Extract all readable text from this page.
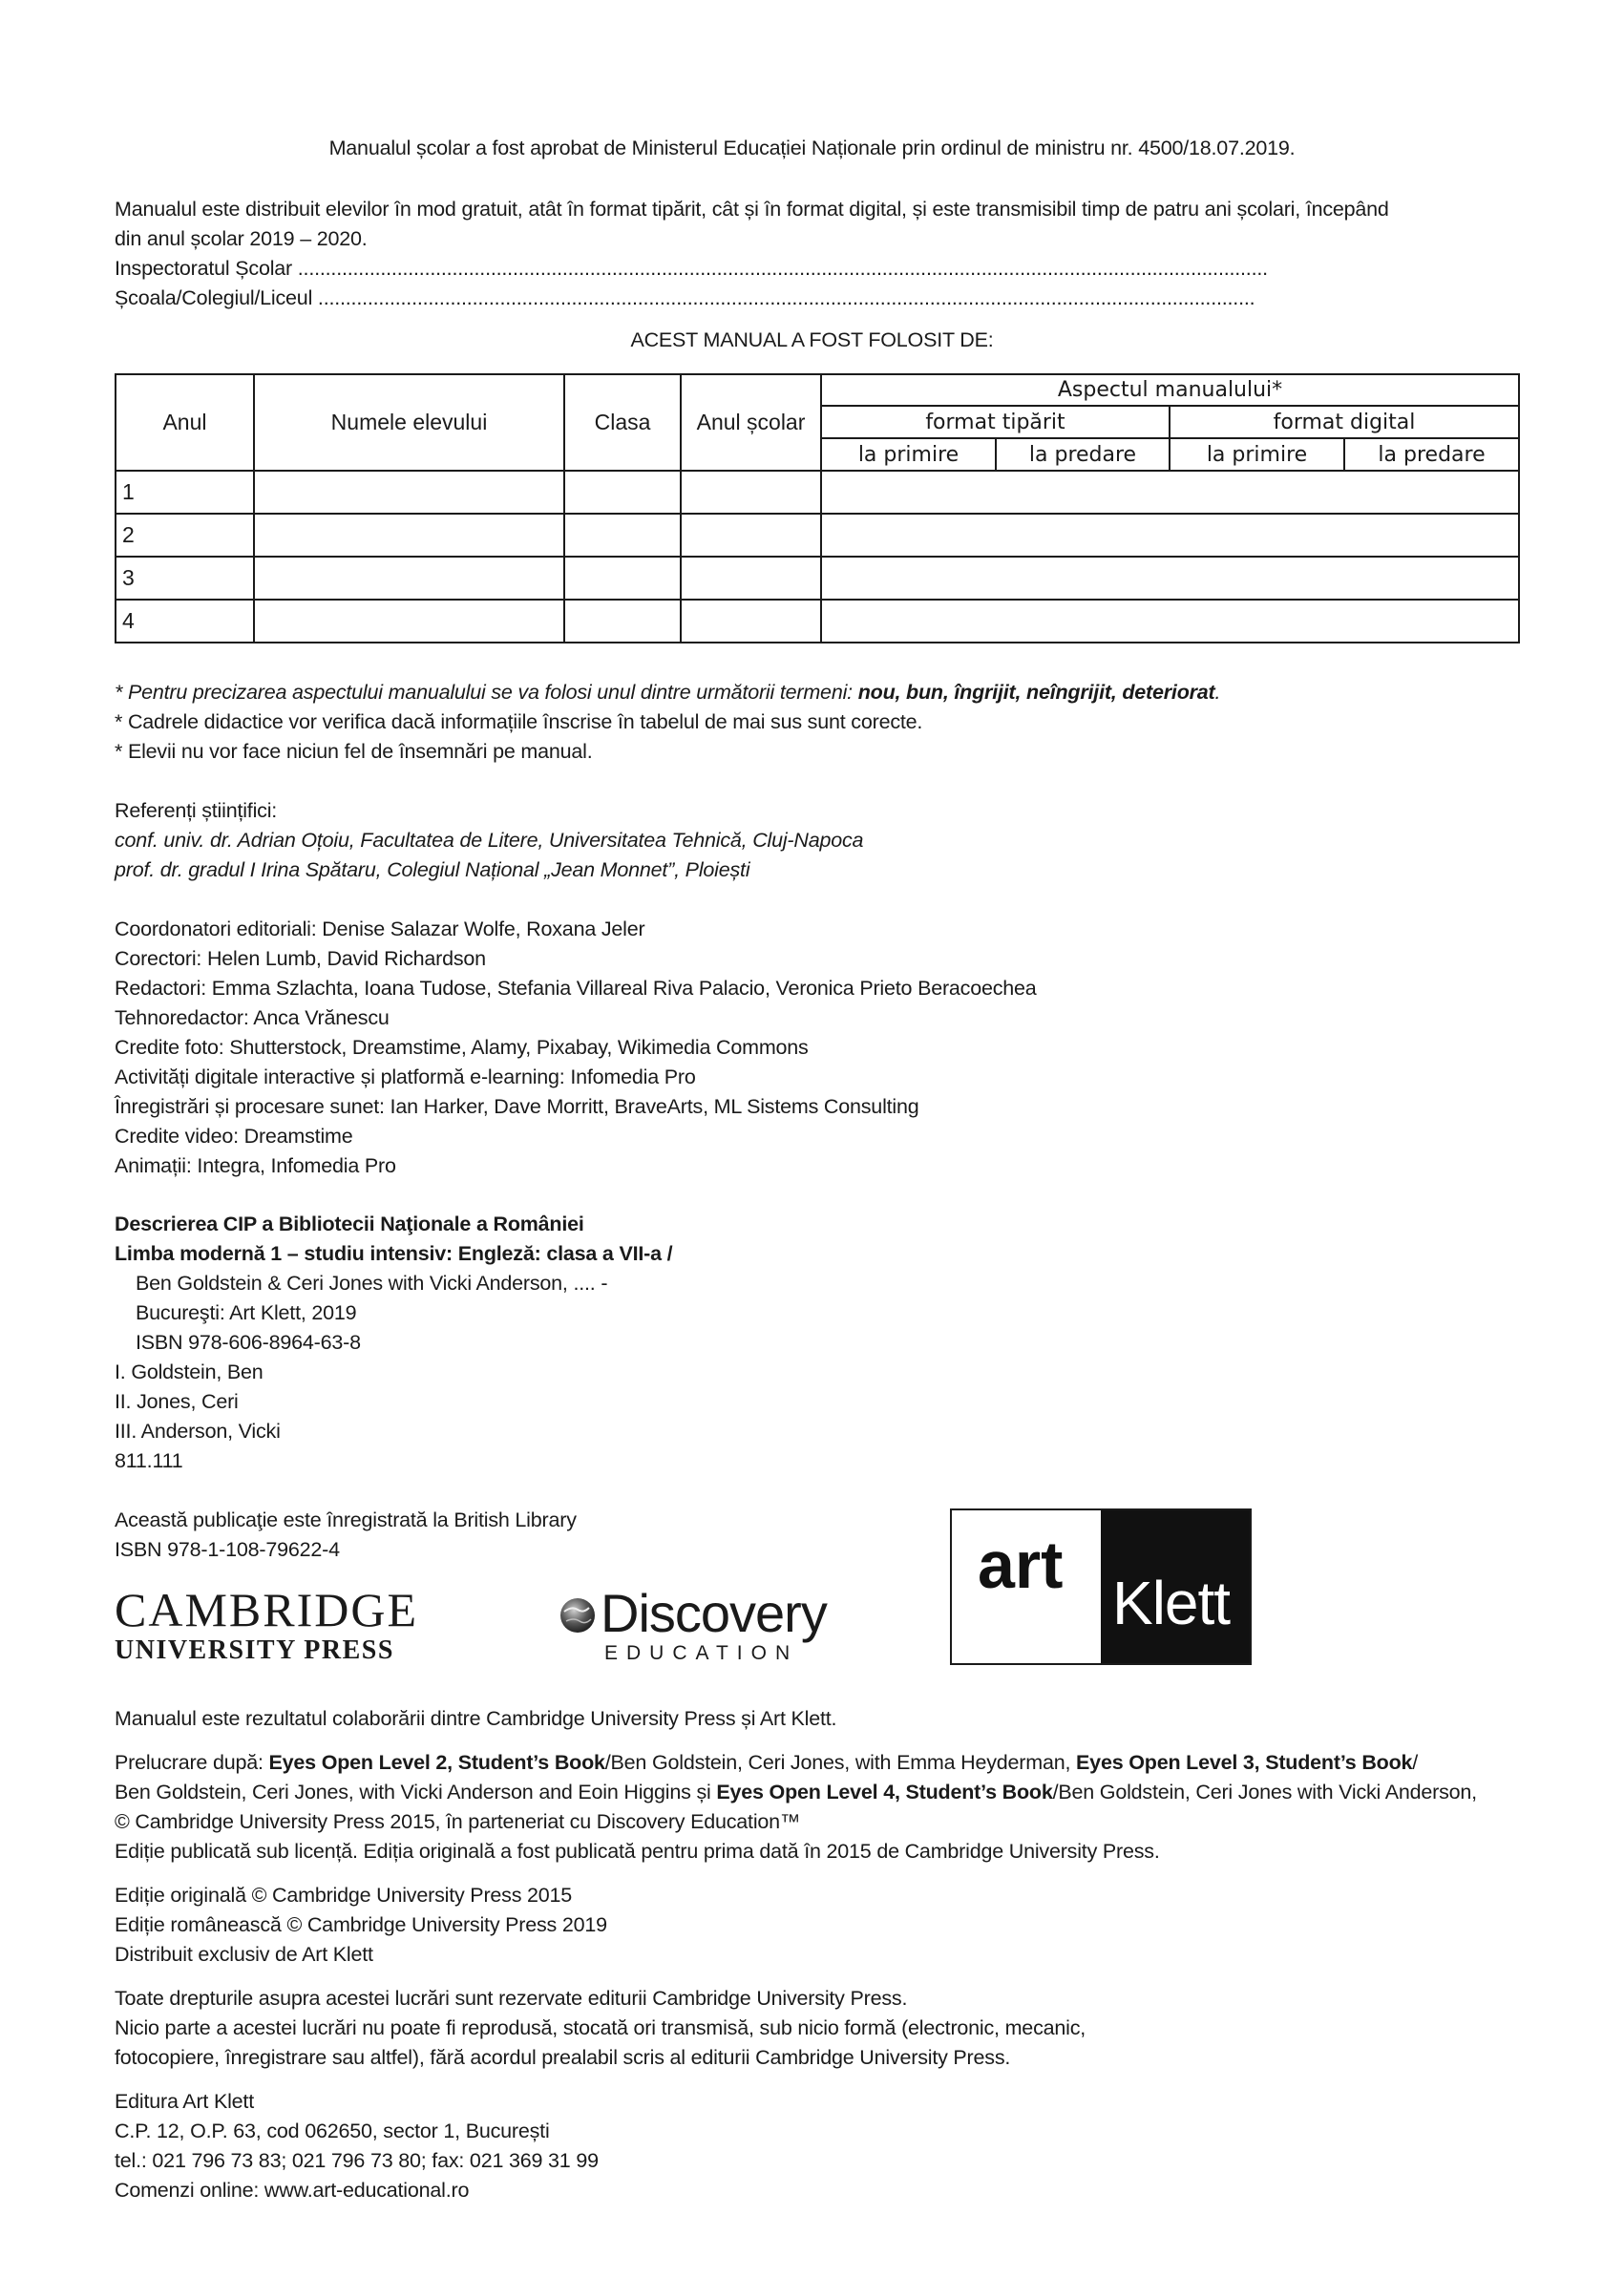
Manualul școlar a fost aprobat de Ministerul Educației Naționale prin ordinul de ministru nr. 4500/18.07.2019.
Manualul este distribuit elevilor în mod gratuit, atât în format tipărit, cât și în format digital, și este transmisibil timp de patru ani școlari, începând
din anul școlar 2019 – 2020.
Inspectoratul Școlar ................................................................................................................................................................................
Școala/Colegiul/Liceul ..........................................................................................................................................................................
ACEST MANUAL A FOST FOLOSIT DE:
Anul	Numele elevului	Clasa	Anul școlar	Aspectul manualului*			
				format tipărit		format digital	
				la primire	la predare	la primire	la predare
1							
2							
3							
4							
* Pentru precizarea aspectului manualului se va folosi unul dintre următorii termeni: nou, bun, îngrijit, neîngrijit, deteriorat.
* Cadrele didactice vor verifica dacă informațiile înscrise în tabelul de mai sus sunt corecte.
* Elevii nu vor face niciun fel de însemnări pe manual.
Referenți științifici:
conf. univ. dr. Adrian Oțoiu, Facultatea de Litere, Universitatea Tehnică, Cluj-Napoca
prof. dr. gradul I Irina Spătaru, Colegiul Național „Jean Monnet”, Ploiești
Coordonatori editoriali: Denise Salazar Wolfe, Roxana Jeler
Corectori: Helen Lumb, David Richardson
Redactori: Emma Szlachta, Ioana Tudose, Stefania Villareal Riva Palacio, Veronica Prieto Beracoechea
Tehnoredactor: Anca Vrănescu
Credite foto: Shutterstock, Dreamstime, Alamy, Pixabay, Wikimedia Commons
Activități digitale interactive și platformă e-learning: Infomedia Pro
Înregistrări și procesare sunet: Ian Harker, Dave Morritt, BraveArts, ML Sistems Consulting
Credite video: Dreamstime
Animații: Integra, Infomedia Pro
Descrierea CIP a Bibliotecii Naţionale a României
Limba modernă 1 – studiu intensiv: Engleză: clasa a VII-a /
Ben Goldstein & Ceri Jones with Vicki Anderson, .... -
Bucureşti: Art Klett, 2019
ISBN 978-606-8964-63-8
I. Goldstein, Ben
II. Jones, Ceri
III. Anderson, Vicki
811.111
Această publicaţie este înregistrată la British Library
ISBN 978-1-108-79622-4
CAMBRIDGE
UNIVERSITY PRESS
Discovery
EDUCATION
art
Klett
Manualul este rezultatul colaborării dintre Cambridge University Press și Art Klett.
Prelucrare după: Eyes Open Level 2, Student’s Book/Ben Goldstein, Ceri Jones, with Emma Heyderman, Eyes Open Level 3, Student’s Book/
Ben Goldstein, Ceri Jones, with Vicki Anderson and Eoin Higgins și Eyes Open Level 4, Student’s Book/Ben Goldstein, Ceri Jones with Vicki Anderson,
© Cambridge University Press 2015, în parteneriat cu Discovery Education™
Ediție publicată sub licență. Ediția originală a fost publicată pentru prima dată în 2015 de Cambridge University Press.
Ediție originală © Cambridge University Press 2015
Ediție românească © Cambridge University Press 2019
Distribuit exclusiv de Art Klett
Toate drepturile asupra acestei lucrări sunt rezervate editurii Cambridge University Press.
Nicio parte a acestei lucrări nu poate fi reprodusă, stocată ori transmisă, sub nicio formă (electronic, mecanic,
fotocopiere, înregistrare sau altfel), fără acordul prealabil scris al editurii Cambridge University Press.
Editura Art Klett
C.P. 12, O.P. 63, cod 062650, sector 1, București
tel.: 021 796 73 83; 021 796 73 80; fax: 021 369 31 99
Comenzi online: www.art-educational.ro
